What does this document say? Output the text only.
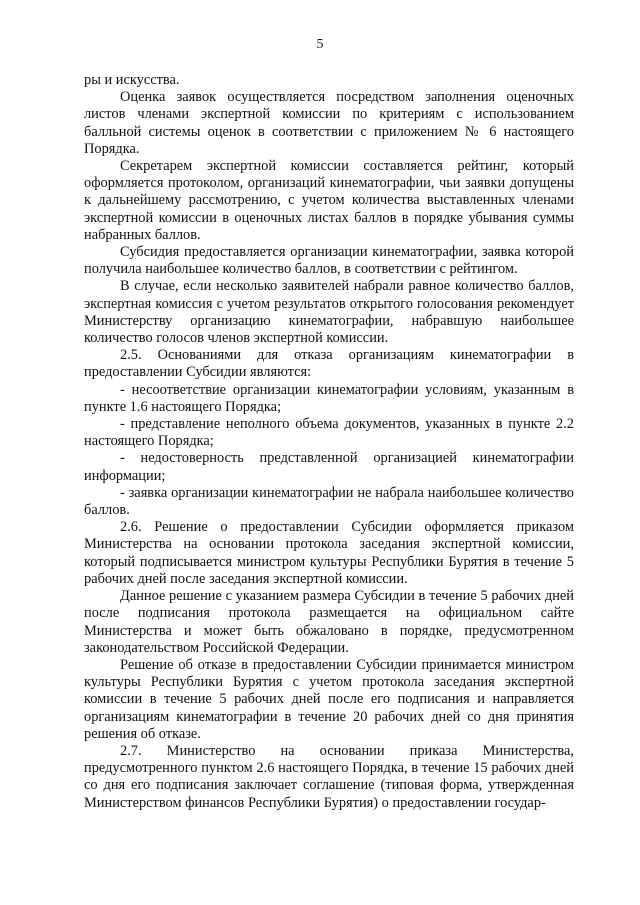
5

ры и искусства.

Оценка заявок осуществляется посредством заполнения оценочных листов членами экспертной комиссии по критериям с использованием балльной системы оценок в соответствии с приложением № 6 настоящего Порядка.

Секретарем экспертной комиссии составляется рейтинг, который оформляется протоколом, организаций кинематографии, чьи заявки допущены к дальнейшему рассмотрению, с учетом количества выставленных членами экспертной комиссии в оценочных листах баллов в порядке убывания суммы набранных баллов.

Субсидия предоставляется организации кинематографии, заявка которой получила наибольшее количество баллов, в соответствии с рейтингом.

В случае, если несколько заявителей набрали равное количество баллов, экспертная комиссия с учетом результатов открытого голосования рекомендует Министерству организацию кинематографии, набравшую наибольшее количество голосов членов экспертной комиссии.

2.5. Основаниями для отказа организациям кинематографии в предоставлении Субсидии являются:

- несоответствие организации кинематографии условиям, указанным в пункте 1.6 настоящего Порядка;

- представление неполного объема документов, указанных в пункте 2.2 настоящего Порядка;

- недостоверность представленной организацией кинематографии информации;

- заявка организации кинематографии не набрала наибольшее количество баллов.

2.6. Решение о предоставлении Субсидии оформляется приказом Министерства на основании протокола заседания экспертной комиссии, который подписывается министром культуры Республики Бурятия в течение 5 рабочих дней после заседания экспертной комиссии.

Данное решение с указанием размера Субсидии в течение 5 рабочих дней после подписания протокола размещается на официальном сайте Министерства и может быть обжаловано в порядке, предусмотренном законодательством Российской Федерации.

Решение об отказе в предоставлении Субсидии принимается министром культуры Республики Бурятия с учетом протокола заседания экспертной комиссии в течение 5 рабочих дней после его подписания и направляется организациям кинематографии в течение 20 рабочих дней со дня принятия решения об отказе.

2.7. Министерство на основании приказа Министерства, предусмотренного пунктом 2.6 настоящего Порядка, в течение 15 рабочих дней со дня его подписания заключает соглашение (типовая форма, утвержденная Министерством финансов Республики Бурятия) о предоставлении государ-
